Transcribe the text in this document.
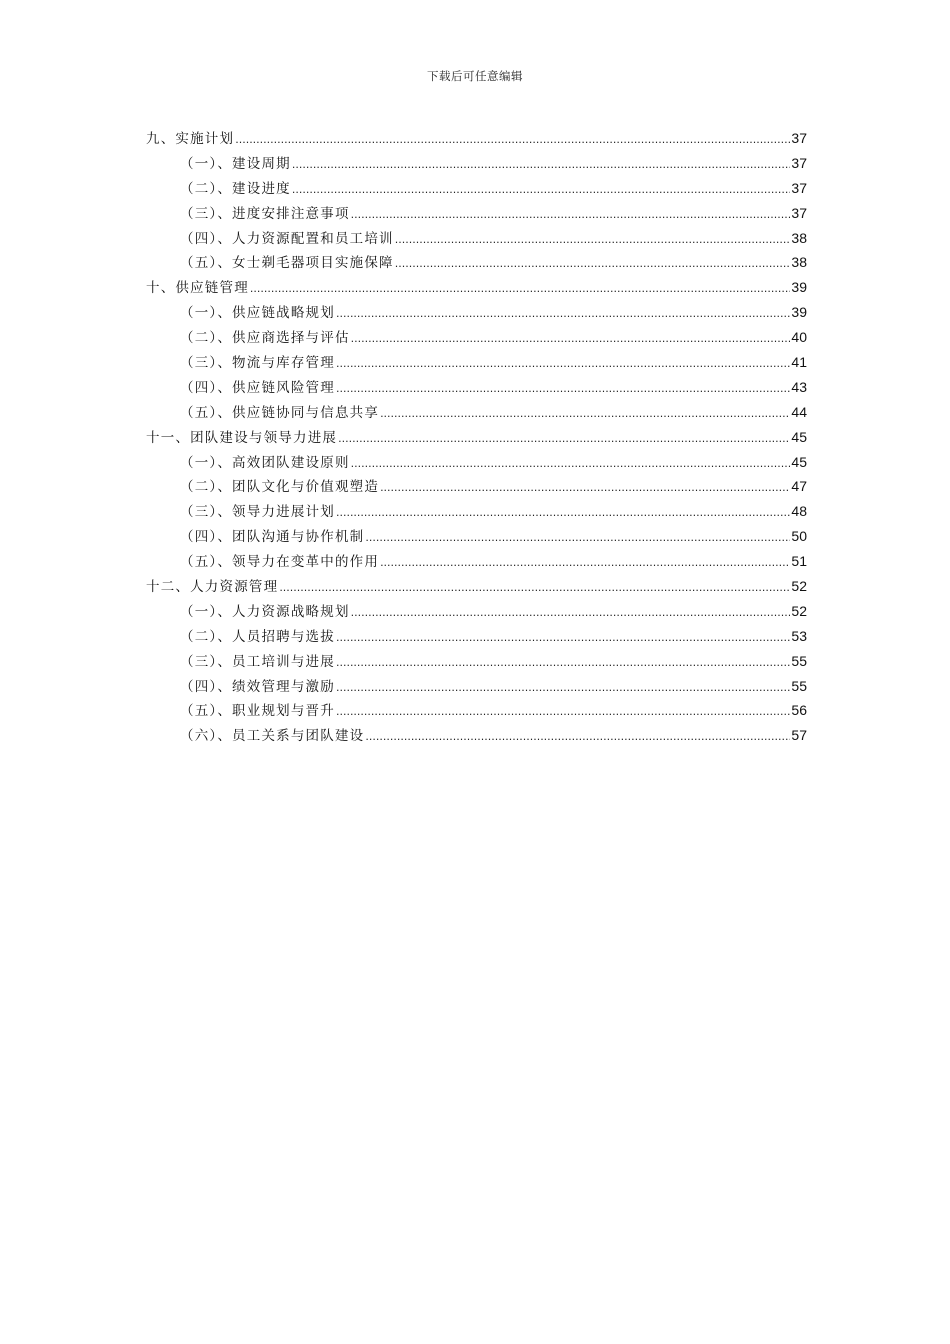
下载后可任意编辑
九、实施计划 .....	37
（一）、建设周期 .....	37
（二）、建设进度 .....	37
（三）、进度安排注意事项 .....	37
（四）、人力资源配置和员工培训 .....	38
（五）、女士剃毛器项目实施保障 .....	38
十、供应链管理 .....	39
（一）、供应链战略规划 .....	39
（二）、供应商选择与评估 .....	40
（三）、物流与库存管理 .....	41
（四）、供应链风险管理 .....	43
（五）、供应链协同与信息共享 .....	44
十一、团队建设与领导力进展 .....	45
（一）、高效团队建设原则 .....	45
（二）、团队文化与价值观塑造 .....	47
（三）、领导力进展计划 .....	48
（四）、团队沟通与协作机制 .....	50
（五）、领导力在变革中的作用 .....	51
十二、人力资源管理 .....	52
（一）、人力资源战略规划 .....	52
（二）、人员招聘与选拔 .....	53
（三）、员工培训与进展 .....	55
（四）、绩效管理与激励 .....	55
（五）、职业规划与晋升 .....	56
（六）、员工关系与团队建设 .....	57
